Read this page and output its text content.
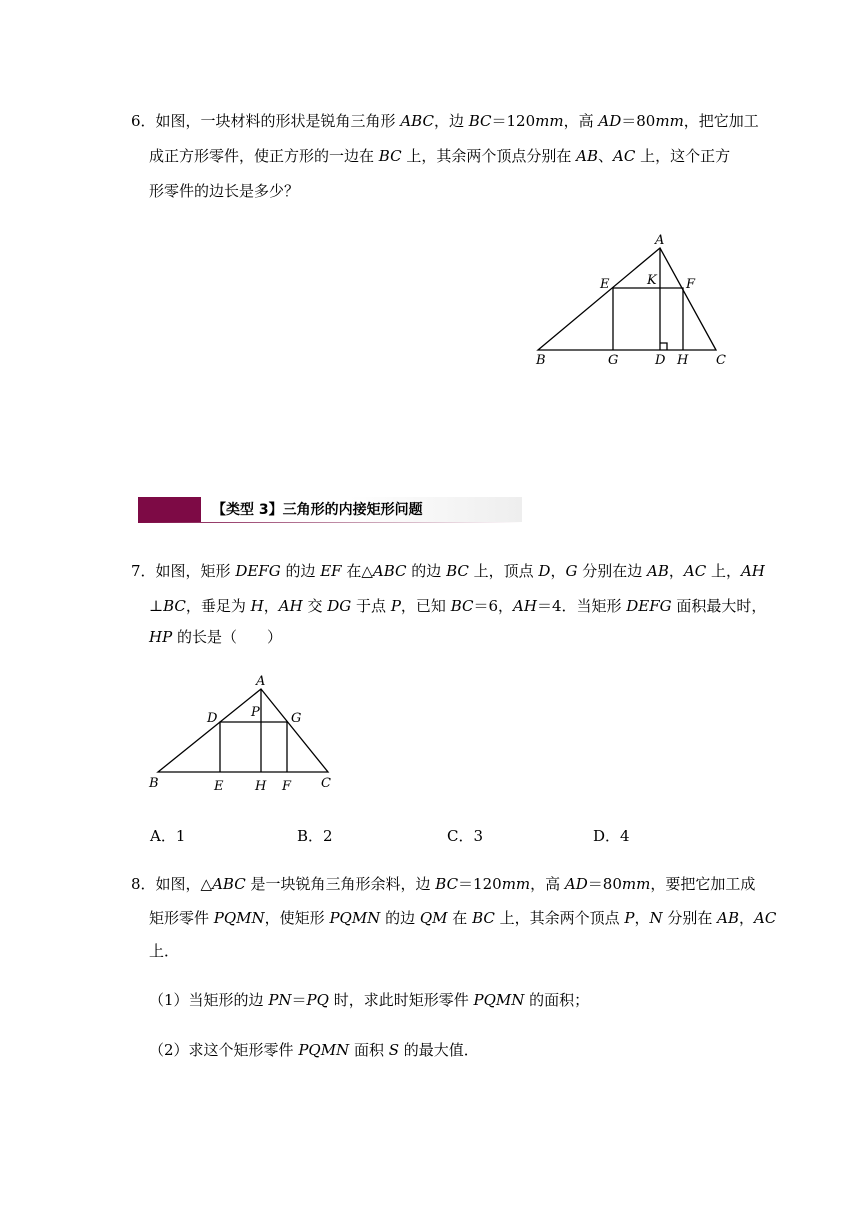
6．如图，一块材料的形状是锐角三角形 ABC，边 BC＝120mm，高 AD＝80mm，把它加工
成正方形零件，使正方形的一边在 BC 上，其余两个顶点分别在 AB、AC 上，这个正方
形零件的边长是多少？
A
E	K F
B	G	D H C
A
D	P G
B	E H F C
【类型 3】三角形的内接矩形问题
7．如图，矩形 DEFG 的边 EF 在△ABC 的边 BC 上，顶点 D，G 分别在边 AB，AC 上，AH
⊥BC，垂足为 H，AH 交 DG 于点 P，已知 BC＝6，AH＝4．当矩形 DEFG 面积最大时，
HP 的长是（　　）
A．1	B．2	C．3	D．4
8．如图，△ABC 是一块锐角三角形余料，边 BC＝120mm，高 AD＝80mm，要把它加工成
矩形零件 PQMN，使矩形 PQMN 的边 QM 在 BC 上，其余两个顶点 P，N 分别在 AB，AC
上．
（1）当矩形的边 PN＝PQ 时，求此时矩形零件 PQMN 的面积；
（2）求这个矩形零件 PQMN 面积 S 的最大值．
